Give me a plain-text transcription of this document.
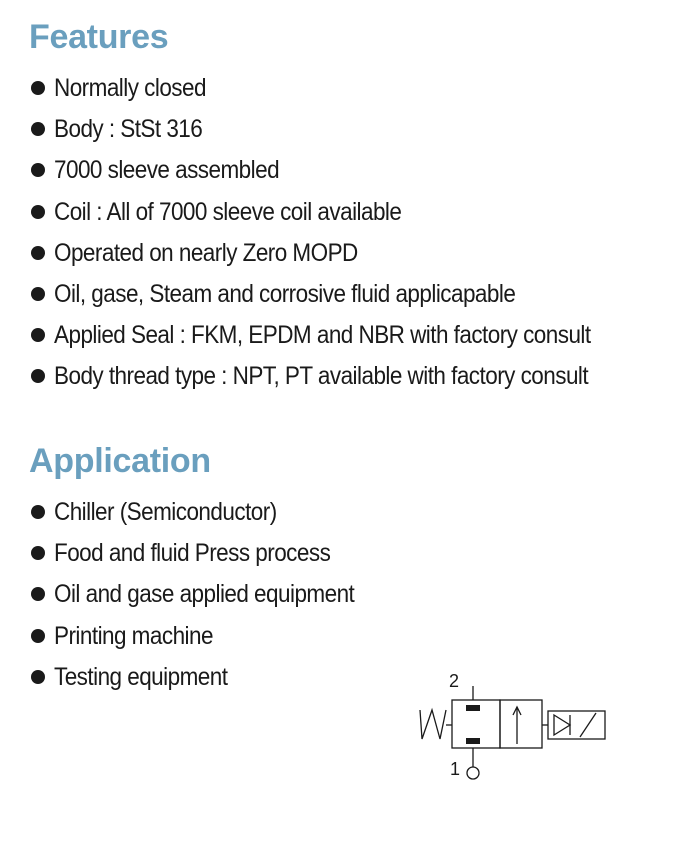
Features
Normally closed
Body : StSt 316
7000 sleeve assembled
Coil : All of 7000 sleeve coil available
Operated on nearly Zero MOPD
Oil, gase, Steam and corrosive fluid applicapable
Applied Seal : FKM, EPDM and NBR with factory consult
Body thread type : NPT, PT available with factory consult
Application
Chiller (Semiconductor)
Food and fluid Press process
Oil and gase applied equipment
Printing machine
Testing equipment	2
1
